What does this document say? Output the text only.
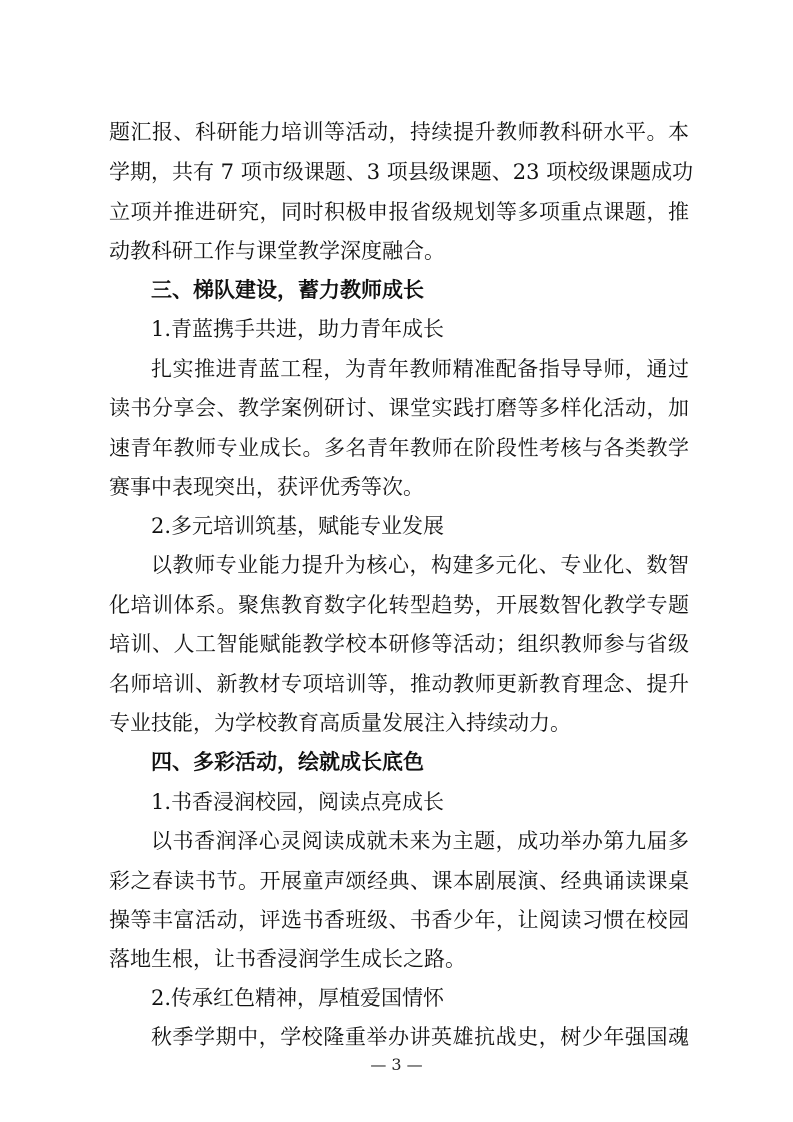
题汇报、科研能力培训等活动，持续提升教师教科研水平。本
学期，共有 7 项市级课题、3 项县级课题、23 项校级课题成功
立项并推进研究，同时积极申报省级规划等多项重点课题，推
动教科研工作与课堂教学深度融合。
三、梯队建设，蓄力教师成长
1.青蓝携手共进，助力青年成长
扎实推进青蓝工程，为青年教师精准配备指导导师，通过
读书分享会、教学案例研讨、课堂实践打磨等多样化活动，加
速青年教师专业成长。多名青年教师在阶段性考核与各类教学
赛事中表现突出，获评优秀等次。
2.多元培训筑基，赋能专业发展
以教师专业能力提升为核心，构建多元化、专业化、数智
化培训体系。聚焦教育数字化转型趋势，开展数智化教学专题
培训、人工智能赋能教学校本研修等活动；组织教师参与省级
名师培训、新教材专项培训等，推动教师更新教育理念、提升
专业技能，为学校教育高质量发展注入持续动力。
四、多彩活动，绘就成长底色
1.书香浸润校园，阅读点亮成长
以书香润泽心灵阅读成就未来为主题，成功举办第九届多
彩之春读书节。开展童声颂经典、课本剧展演、经典诵读课桌
操等丰富活动，评选书香班级、书香少年，让阅读习惯在校园
落地生根，让书香浸润学生成长之路。
2.传承红色精神，厚植爱国情怀
秋季学期中，学校隆重举办讲英雄抗战史，树少年强国魂
— 3 —
